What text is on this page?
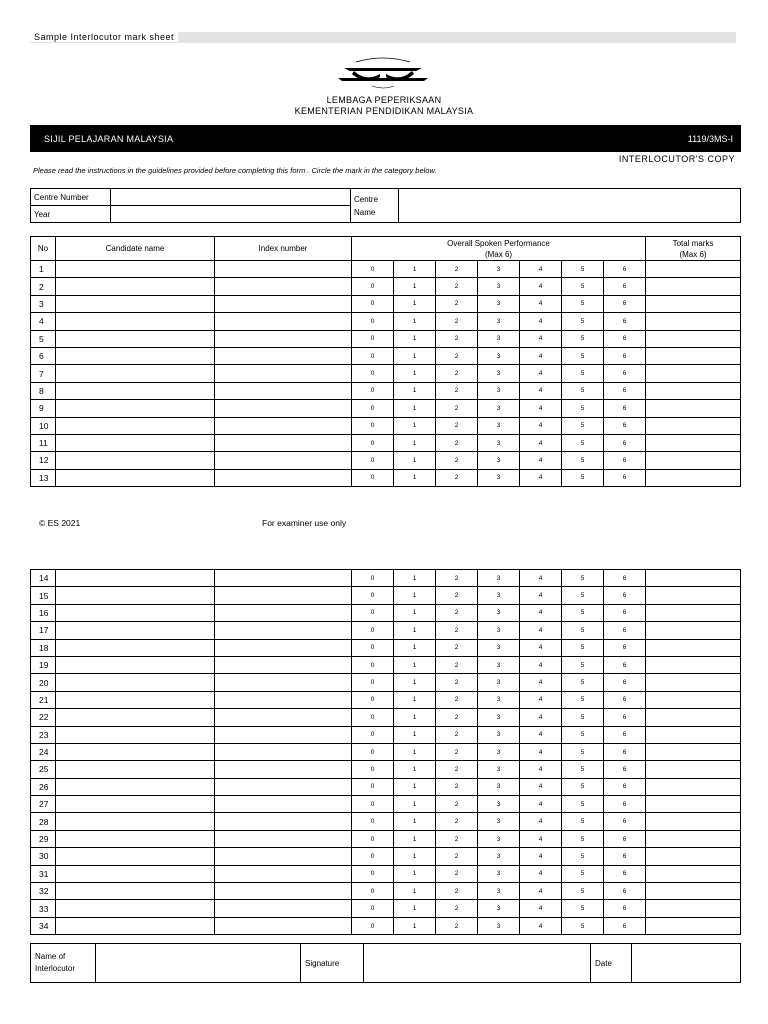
Sample Interlocutor mark sheet
LEMBAGA PEPERIKSAAN
KEMENTERIAN PENDIDIKAN MALAYSIA
SIJIL PELAJARAN MALAYSIA	1119/3MS-I
INTERLOCUTOR'S COPY
Please read the instructions in the guidelines provided before completing this form . Circle the mark in the category below.
Centre Number		Centre
Name	
Year			
No	Candidate name	Index number	Overall Spoken Performance
(Max 6)							Total marks
(Max 6)
1			0	1	2	3	4	5	6	
2			0	1	2	3	4	5	6	
3			0	1	2	3	4	5	6	
4			0	1	2	3	4	5	6	
5			0	1	2	3	4	5	6	
6			0	1	2	3	4	5	6	
7			0	1	2	3	4	5	6	
8			0	1	2	3	4	5	6	
9			0	1	2	3	4	5	6	
10			0	1	2	3	4	5	6	
11			0	1	2	3	4	5	6	
12			0	1	2	3	4	5	6	
13			0	1	2	3	4	5	6	
© ES 2021	For examiner use only
14			0	1	2	3	4	5	6	
15			0	1	2	3	4	5	6	
16			0	1	2	3	4	5	6	
17			0	1	2	3	4	5	6	
18			0	1	2	3	4	5	6	
19			0	1	2	3	4	5	6	
20			0	1	2	3	4	5	6	
21			0	1	2	3	4	5	6	
22			0	1	2	3	4	5	6	
23			0	1	2	3	4	5	6	
24			0	1	2	3	4	5	6	
25			0	1	2	3	4	5	6	
26			0	1	2	3	4	5	6	
27			0	1	2	3	4	5	6	
28			0	1	2	3	4	5	6	
29			0	1	2	3	4	5	6	
30			0	1	2	3	4	5	6	
31			0	1	2	3	4	5	6	
32			0	1	2	3	4	5	6	
33			0	1	2	3	4	5	6	
34			0	1	2	3	4	5	6	
Name of
Interlocutor		Signature		Date	
